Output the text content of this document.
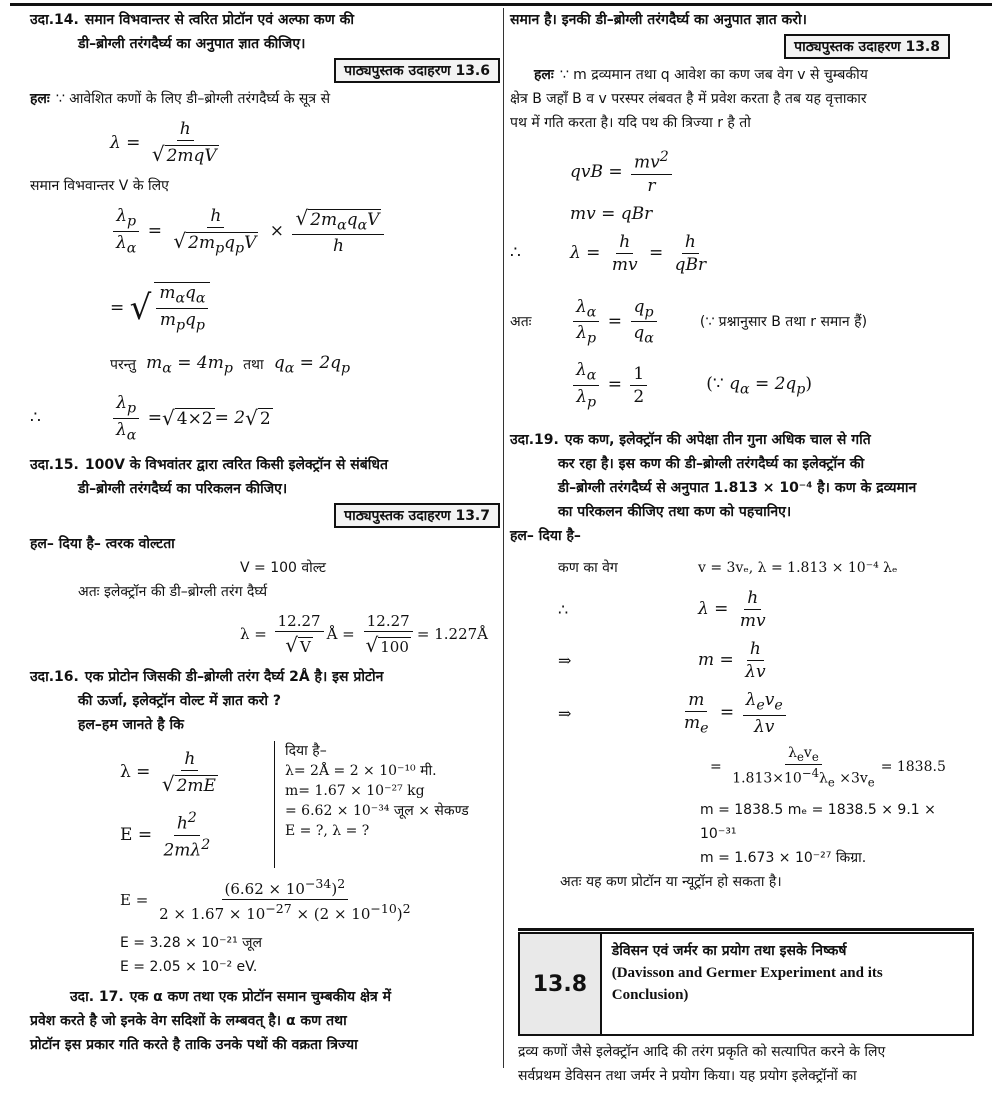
उदा.14. समान विभवान्तर से त्वरित प्रोटॉन एवं अल्फा कण की
डी–ब्रोग्ली तरंगदैर्घ्य का अनुपात ज्ञात कीजिए।
पाठ्यपुस्तक उदाहरण 13.6
हलः ∵ आवेशित कणों के लिए डी–ब्रोग्ली तरंगदैर्घ्य के सूत्र से
$\lambda = \frac{h}{\text{√ 2mqV}}$
समान विभवान्तर V के लिए
$\frac{\lambda_p}{\lambda_\alpha} = \frac{h}{√ 2m_pq_pV}$
×
$\frac{√ 2m_\alpha q_\alpha V}{h}$
= √ $\frac{m_\alpha q_\alpha}{m_pq_p}$
परन्तु
$m_\alpha = 4m_p$
तथा
$q_\alpha = 2q_p$
∴	$\frac{\lambda_p}{\lambda_\alpha}$ = √ 4×2 = 2 √ 2
उदा.15. 100V के विभवांतर द्वारा त्वरित किसी इलेक्ट्रॉन से संबंधित
डी–ब्रोग्ली तरंगदैर्घ्य का परिकलन कीजिए।
पाठ्यपुस्तक उदाहरण 13.7
हल– दिया है– त्वरक वोल्टता
V = 100 वोल्ट
अतः इलेक्ट्रॉन की डी–ब्रोग्ली तरंग दैर्घ्य
$\lambda = \frac{12.27}{√ V}$ Å = $\frac{12.27}{√ 100}$ = 1.227Å
उदा.16. एक प्रोटोन जिसकी डी–ब्रोग्ली तरंग दैर्घ्य 2Å है। इस प्रोटोन
की ऊर्जा, इलेक्ट्रॉन वोल्ट में ज्ञात करो ?
हल–हम जानते है कि
λ =
$\frac{h}{√ 2mE}$
E =
$\frac{h^2}{2m\lambda^2}$
दिया है–
λ= 2Å = 2 × 10⁻¹⁰ मी.
m= 1.67 × 10⁻²⁷ kg
= 6.62 × 10⁻³⁴ जूल × सेकण्ड
E = ?, λ = ?
$E = \frac{(6.62 \times 10^{-34})^2}{2 \times 1.67 \times 10^{-27} \times (2 \times 10^{-10})^2}$
E = 3.28 × 10⁻²¹ जूल
E = 2.05 × 10⁻² eV.
उदा. 17. एक α कण तथा एक प्रोटॉन समान चुम्बकीय क्षेत्र में
प्रवेश करते है जो इनके वेग सदिशों के लम्बवत् है। α कण तथा
प्रोटॉन इस प्रकार गति करते है ताकि उनके पथों की वक्रता त्रिज्या
समान है। इनकी डी–ब्रोग्ली तरंगदैर्घ्य का अनुपात ज्ञात करो।
पाठ्यपुस्तक उदाहरण 13.8
हलः ∵ m द्रव्यमान तथा q आवेश का कण जब वेग v से चुम्बकीय
क्षेत्र B जहाँ B व v परस्पर लंबवत है में प्रवेश करता है तब यह वृत्ताकार
पथ में गति करता है। यदि पथ की त्रिज्या r है तो
qvB = $\frac{mv^2}{r}$
mv = qBr
∴	$\lambda = \frac{h}{mv} = \frac{h}{\text{qBr}}$
अतः	$\frac{\lambda_\alpha}{\lambda_p} = \frac{q_p}{q_\alpha}$	(∵ प्रश्नानुसार B तथा r समान हैं)
$\frac{\lambda_\alpha}{\lambda_p} = \frac{1}{2}$	(∵ $q_\alpha = 2q_p$)
उदा.19. एक कण, इलेक्ट्रॉन की अपेक्षा तीन गुना अधिक चाल से गति
कर रहा है। इस कण की डी–ब्रोग्ली तरंगदैर्घ्य का इलेक्ट्रॉन की
डी–ब्रोग्ली तरंगदैर्घ्य से अनुपात 1.813 × 10⁻⁴ है। कण के द्रव्यमान
का परिकलन कीजिए तथा कण को पहचानिए।
हल– दिया है–
कण का वेग	v = 3vₑ, λ = 1.813 × 10⁻⁴ λₑ
∴	$\lambda = \frac{h}{mv}$
⇒	$m = \frac{h}{\lambda v}$
⇒	$\frac{m}{m_e} = \frac{\lambda_ev_e}{\lambda v}$
= $\frac{\lambda_ev_e}{1.813\times 10^{-4}\lambda_e \times 3v_e} = 1838.5$
m = 1838.5 mₑ = 1838.5 × 9.1 × 10⁻³¹
m = 1.673 × 10⁻²⁷ किग्रा.
अतः यह कण प्रोटॉन या न्यूट्रॉन हो सकता है।
13.8
डेविसन एवं जर्मर का प्रयोग तथा इसके निष्कर्ष
(Davisson and Germer Experiment and its Conclusion)
द्रव्य कणों जैसे इलेक्ट्रॉन आदि की तरंग प्रकृति को सत्यापित करने के लिए
सर्वप्रथम डेविसन तथा जर्मर ने प्रयोग किया। यह प्रयोग इलेक्ट्रॉनों का
